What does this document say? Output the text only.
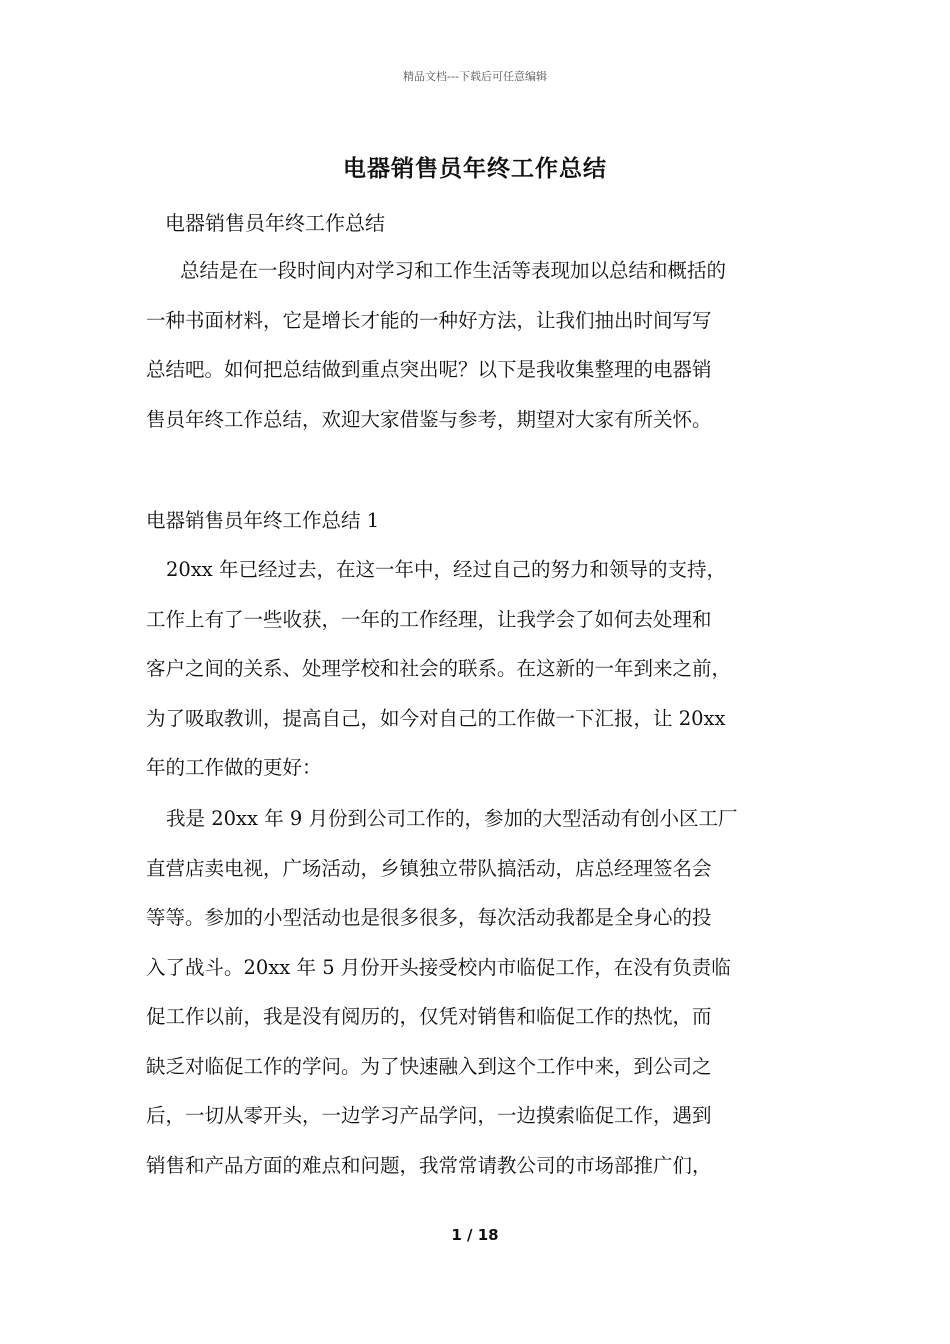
精品文档---下载后可任意编辑
电器销售员年终工作总结
电器销售员年终工作总结
总结是在一段时间内对学习和工作生活等表现加以总结和概括的
一种书面材料，它是增长才能的一种好方法，让我们抽出时间写写
总结吧。如何把总结做到重点突出呢？以下是我收集整理的电器销
售员年终工作总结，欢迎大家借鉴与参考，期望对大家有所关怀。
电器销售员年终工作总结 1
20xx 年已经过去，在这一年中，经过自己的努力和领导的支持，
工作上有了一些收获，一年的工作经理，让我学会了如何去处理和
客户之间的关系、处理学校和社会的联系。在这新的一年到来之前，
为了吸取教训，提高自己，如今对自己的工作做一下汇报，让 20xx
年的工作做的更好：
我是 20xx 年 9 月份到公司工作的，参加的大型活动有创小区工厂
直营店卖电视，广场活动，乡镇独立带队搞活动，店总经理签名会
等等。参加的小型活动也是很多很多，每次活动我都是全身心的投
入了战斗。20xx 年 5 月份开头接受校内市临促工作，在没有负责临
促工作以前，我是没有阅历的，仅凭对销售和临促工作的热忱，而
缺乏对临促工作的学问。为了快速融入到这个工作中来，到公司之
后，一切从零开头，一边学习产品学问，一边摸索临促工作，遇到
销售和产品方面的难点和问题，我常常请教公司的市场部推广们，
1 / 18
